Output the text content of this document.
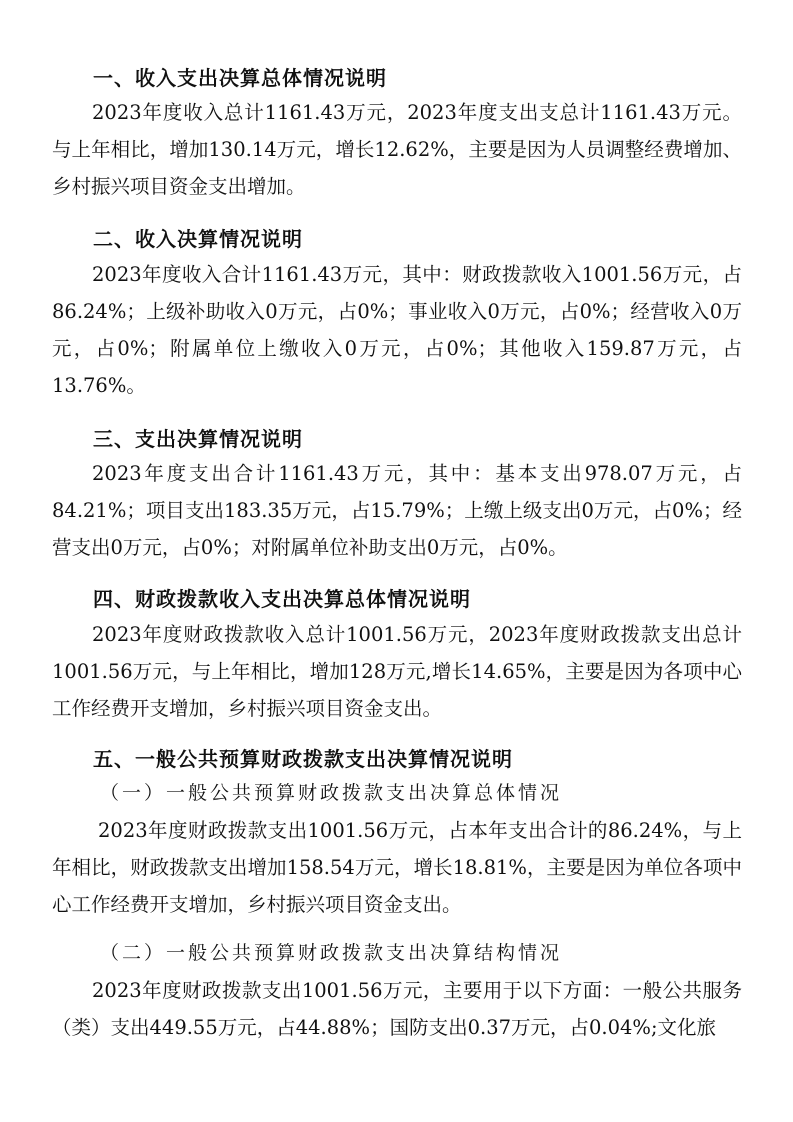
一、收入支出决算总体情况说明

2023年度收入总计1161.43万元，2023年度支出支总计1161.43万元。与上年相比，增加130.14万元，增长12.62%，主要是因为人员调整经费增加、乡村振兴项目资金支出增加。

二、收入决算情况说明

2023年度收入合计1161.43万元，其中：财政拨款收入1001.56万元，占86.24%；上级补助收入0万元，占0%；事业收入0万元，占0%；经营收入0万元，占0%；附属单位上缴收入0万元，占0%；其他收入159.87万元，占13.76%。

三、支出决算情况说明

2023年度支出合计1161.43万元，其中：基本支出978.07万元，占84.21%；项目支出183.35万元，占15.79%；上缴上级支出0万元，占0%；经营支出0万元，占0%；对附属单位补助支出0万元，占0%。

四、财政拨款收入支出决算总体情况说明

2023年度财政拨款收入总计1001.56万元，2023年度财政拨款支出总计1001.56万元，与上年相比，增加128万元,增长14.65%，主要是因为各项中心工作经费开支增加，乡村振兴项目资金支出。

五、一般公共预算财政拨款支出决算情况说明
（一）一般公共预算财政拨款支出决算总体情况

2023年度财政拨款支出1001.56万元，占本年支出合计的86.24%，与上年相比，财政拨款支出增加158.54万元，增长18.81%，主要是因为单位各项中心工作经费开支增加，乡村振兴项目资金支出。

（二）一般公共预算财政拨款支出决算结构情况

2023年度财政拨款支出1001.56万元，主要用于以下方面：一般公共服务（类）支出449.55万元，占44.88%；国防支出0.37万元，占0.04%;文化旅
